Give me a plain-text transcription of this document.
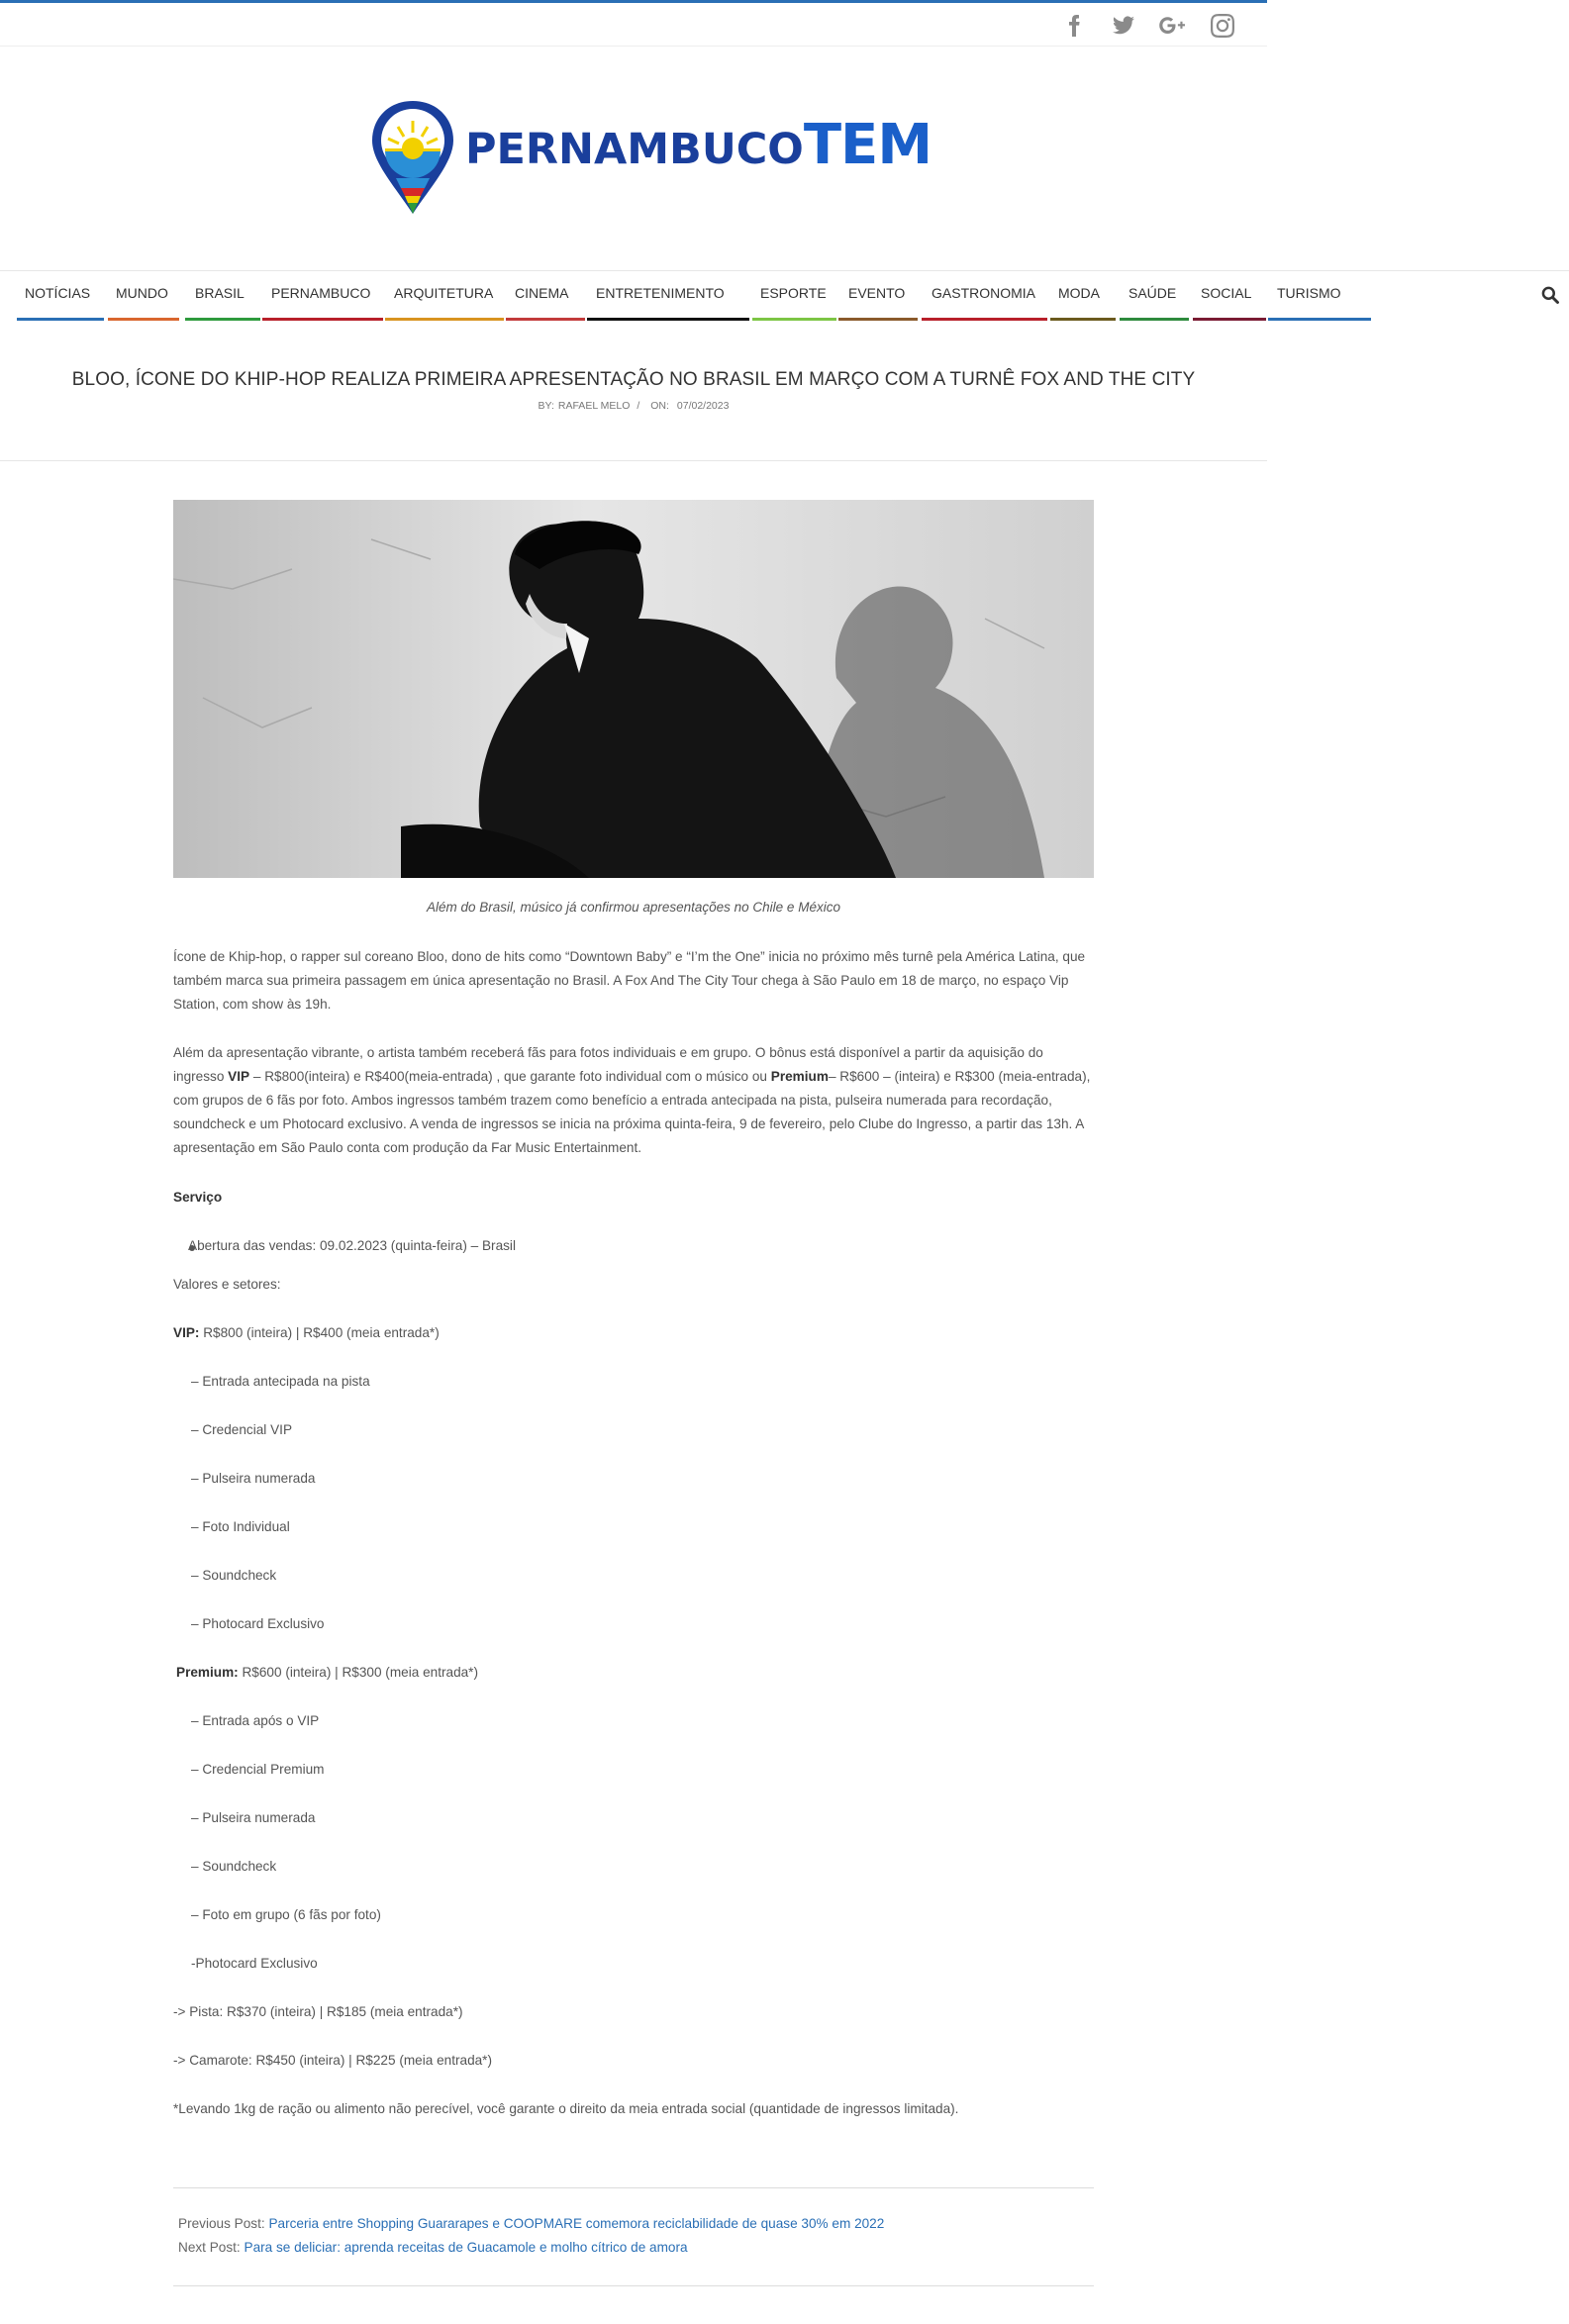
PERNAMBUCOTEM
NOTÍCIAS MUNDO BRASIL PERNAMBUCO ARQUITETURA CINEMA ENTRETENIMENTO	ESPORTE EVENTO GASTRONOMIA MODA SAÚDE SOCIAL TURISMO
BLOO, ÍCONE DO KHIP-HOP REALIZA PRIMEIRA APRESENTAÇÃO NO BRASIL EM MARÇO COM A TURNÊ FOX AND THE CITY
BY: RAFAEL MELO / ON: 07/02/2023

Além do Brasil, músico já confirmou apresentações no Chile e México

Ícone de Khip-hop, o rapper sul coreano Bloo, dono de hits como “Downtown Baby” e “I’m the One” inicia no próximo mês turnê pela América Latina, que também marca sua primeira passagem em única apresentação no Brasil. A Fox And The City Tour chega à São Paulo em 18 de março, no espaço Vip Station, com show às 19h.

Além da apresentação vibrante, o artista também receberá fãs para fotos individuais e em grupo. O bônus está disponível a partir da aquisição do ingresso VIP – R$800(inteira) e R$400(meia-entrada) , que garante foto individual com o músico ou Premium– R$600 – (inteira) e R$300 (meia-entrada), com grupos de 6 fãs por foto. Ambos ingressos também trazem como benefício a entrada antecipada na pista, pulseira numerada para recordação, soundcheck e um Photocard exclusivo. A venda de ingressos se inicia na próxima quinta-feira, 9 de fevereiro, pelo Clube do Ingresso, a partir das 13h. A apresentação em São Paulo conta com produção da Far Music Entertainment.

Serviço

Abertura das vendas: 09.02.2023 (quinta-feira) – Brasil

Valores e setores:

VIP: R$800 (inteira) | R$400 (meia entrada*)

– Entrada antecipada na pista

– Credencial VIP

– Pulseira numerada

– Foto Individual

– Soundcheck

– Photocard Exclusivo

Premium: R$600 (inteira) | R$300 (meia entrada*)

– Entrada após o VIP

– Credencial Premium

– Pulseira numerada

– Soundcheck

– Foto em grupo (6 fãs por foto)

-Photocard Exclusivo

-> Pista: R$370 (inteira) | R$185 (meia entrada*)

-> Camarote: R$450 (inteira) | R$225 (meia entrada*)

*Levando 1kg de ração ou alimento não perecível, você garante o direito da meia entrada social (quantidade de ingressos limitada).

Previous Post: Parceria entre Shopping Guararapes e COOPMARE comemora reciclabilidade de quase 30% em 2022
Next Post: Para se deliciar: aprenda receitas de Guacamole e molho cítrico de amora
